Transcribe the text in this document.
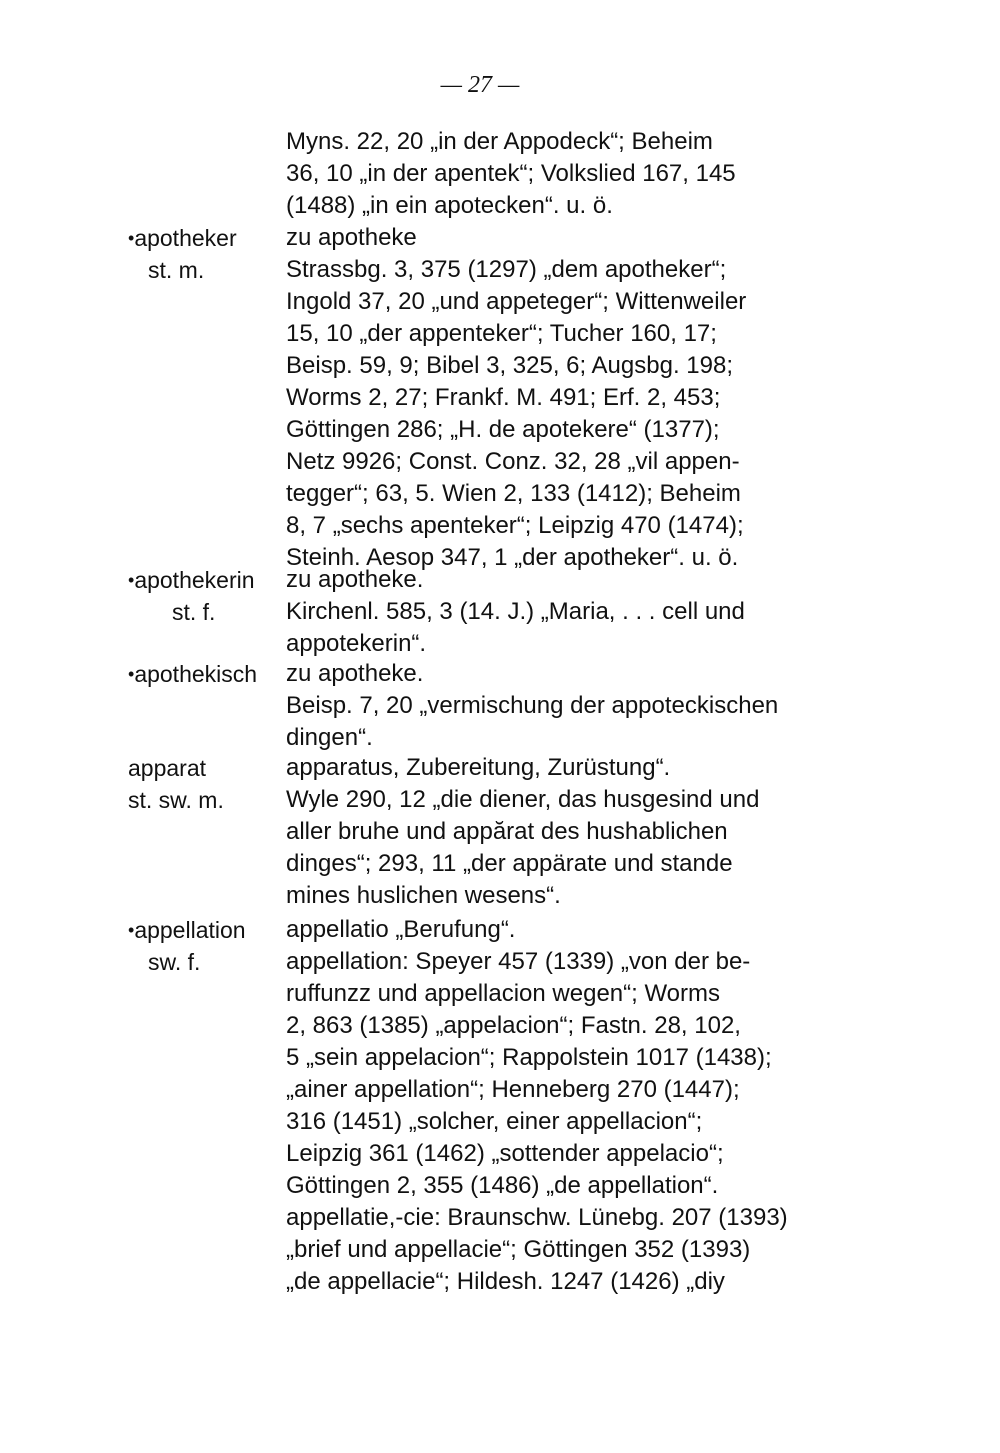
— 27 —
Myns. 22, 20 „in der Appodeck“; Beheim
36, 10 „in der apentek“; Volkslied 167, 145
(1488) „in ein apotecken“. u. ö.
•apotheker
st. m.
zu apotheke
Strassbg. 3, 375 (1297) „dem apotheker“;
Ingold 37, 20 „und appeteger“; Wittenweiler
15, 10 „der appenteker“; Tucher 160, 17;
Beisp. 59, 9; Bibel 3, 325, 6; Augsbg. 198;
Worms 2, 27; Frankf. M. 491; Erf. 2, 453;
Göttingen 286; „H. de apotekere“ (1377);
Netz 9926; Const. Conz. 32, 28 „vil appen-
tegger“; 63, 5. Wien 2, 133 (1412); Beheim
8, 7 „sechs apenteker“; Leipzig 470 (1474);
Steinh. Aesop 347, 1 „der apotheker“. u. ö.
•apothekerin
st. f.
zu apotheke.
Kirchenl. 585, 3 (14. J.) „Maria, . . . cell und
appotekerin“.
•apothekisch	zu apotheke.
Beisp. 7, 20 „vermischung der appoteckischen
dingen“.
apparat
st. sw. m.
apparatus, Zubereitung, Zurüstung“.
Wyle 290, 12 „die diener, das husgesind und
aller bruhe und appărat des hushablichen
dinges“; 293, 11 „der appärate und stande
mines huslichen wesens“.
•appellation
sw. f.
appellatio „Berufung“.
appellation: Speyer 457 (1339) „von der be-
ruffunzz und appellacion wegen“; Worms
2, 863 (1385) „appelacion“; Fastn. 28, 102,
5 „sein appelacion“; Rappolstein 1017 (1438);
„ainer appellation“; Henneberg 270 (1447);
316 (1451) „solcher, einer appellacion“;
Leipzig 361 (1462) „sottender appelacio“;
Göttingen 2, 355 (1486) „de appellation“.
appellatie,-cie: Braunschw. Lünebg. 207 (1393)
„brief und appellacie“; Göttingen 352 (1393)
„de appellacie“; Hildesh. 1247 (1426) „diy
